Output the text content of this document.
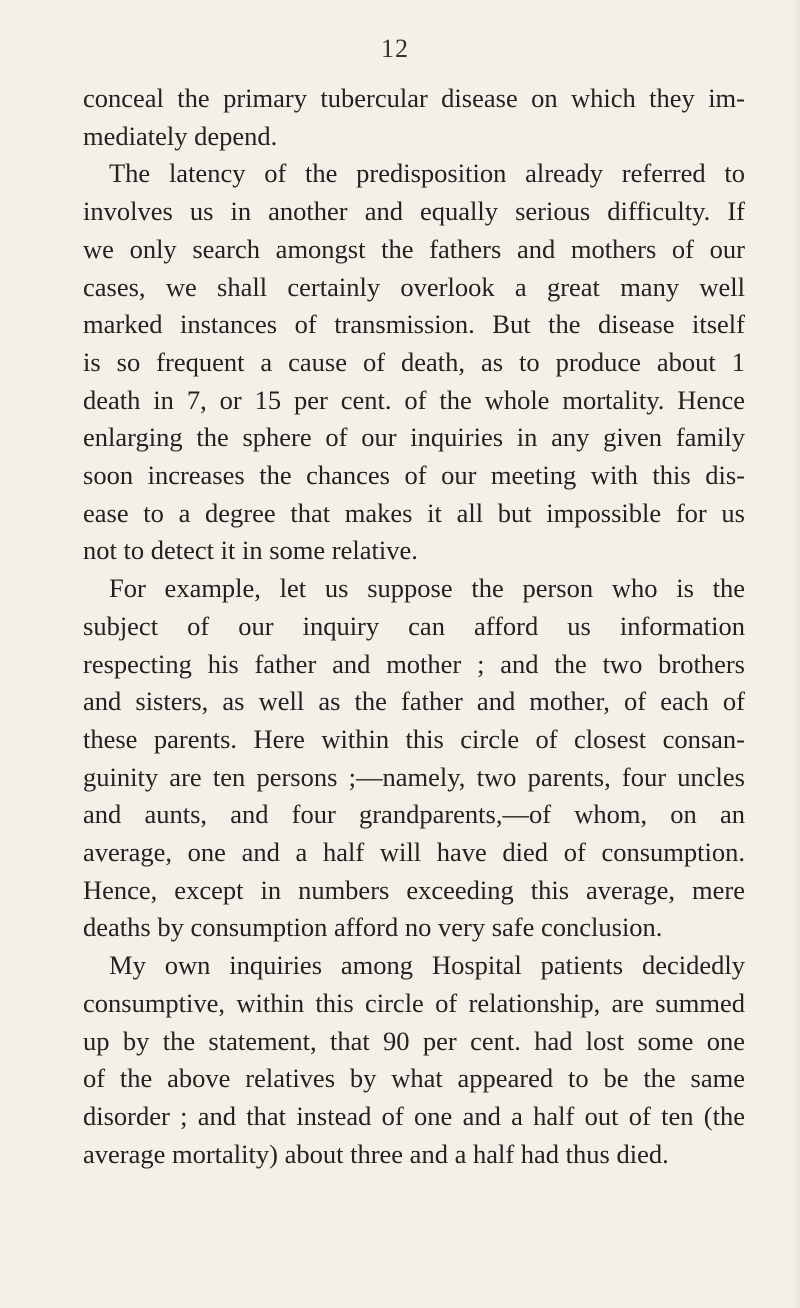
12
conceal the primary tubercular disease on which they im-
mediately depend.
The latency of the predisposition already referred to
involves us in another and equally serious difficulty. If
we only search amongst the fathers and mothers of our
cases, we shall certainly overlook a great many well
marked instances of transmission. But the disease itself
is so frequent a cause of death, as to produce about 1
death in 7, or 15 per cent. of the whole mortality. Hence
enlarging the sphere of our inquiries in any given family
soon increases the chances of our meeting with this dis-
ease to a degree that makes it all but impossible for us
not to detect it in some relative.
For example, let us suppose the person who is the
subject of our inquiry can afford us information
respecting his father and mother ; and the two brothers
and sisters, as well as the father and mother, of each of
these parents. Here within this circle of closest consan-
guinity are ten persons ;—namely, two parents, four uncles
and aunts, and four grandparents,—of whom, on an
average, one and a half will have died of consumption.
Hence, except in numbers exceeding this average, mere
deaths by consumption afford no very safe conclusion.
My own inquiries among Hospital patients decidedly
consumptive, within this circle of relationship, are summed
up by the statement, that 90 per cent. had lost some one
of the above relatives by what appeared to be the same
disorder ; and that instead of one and a half out of ten (the
average mortality) about three and a half had thus died.
